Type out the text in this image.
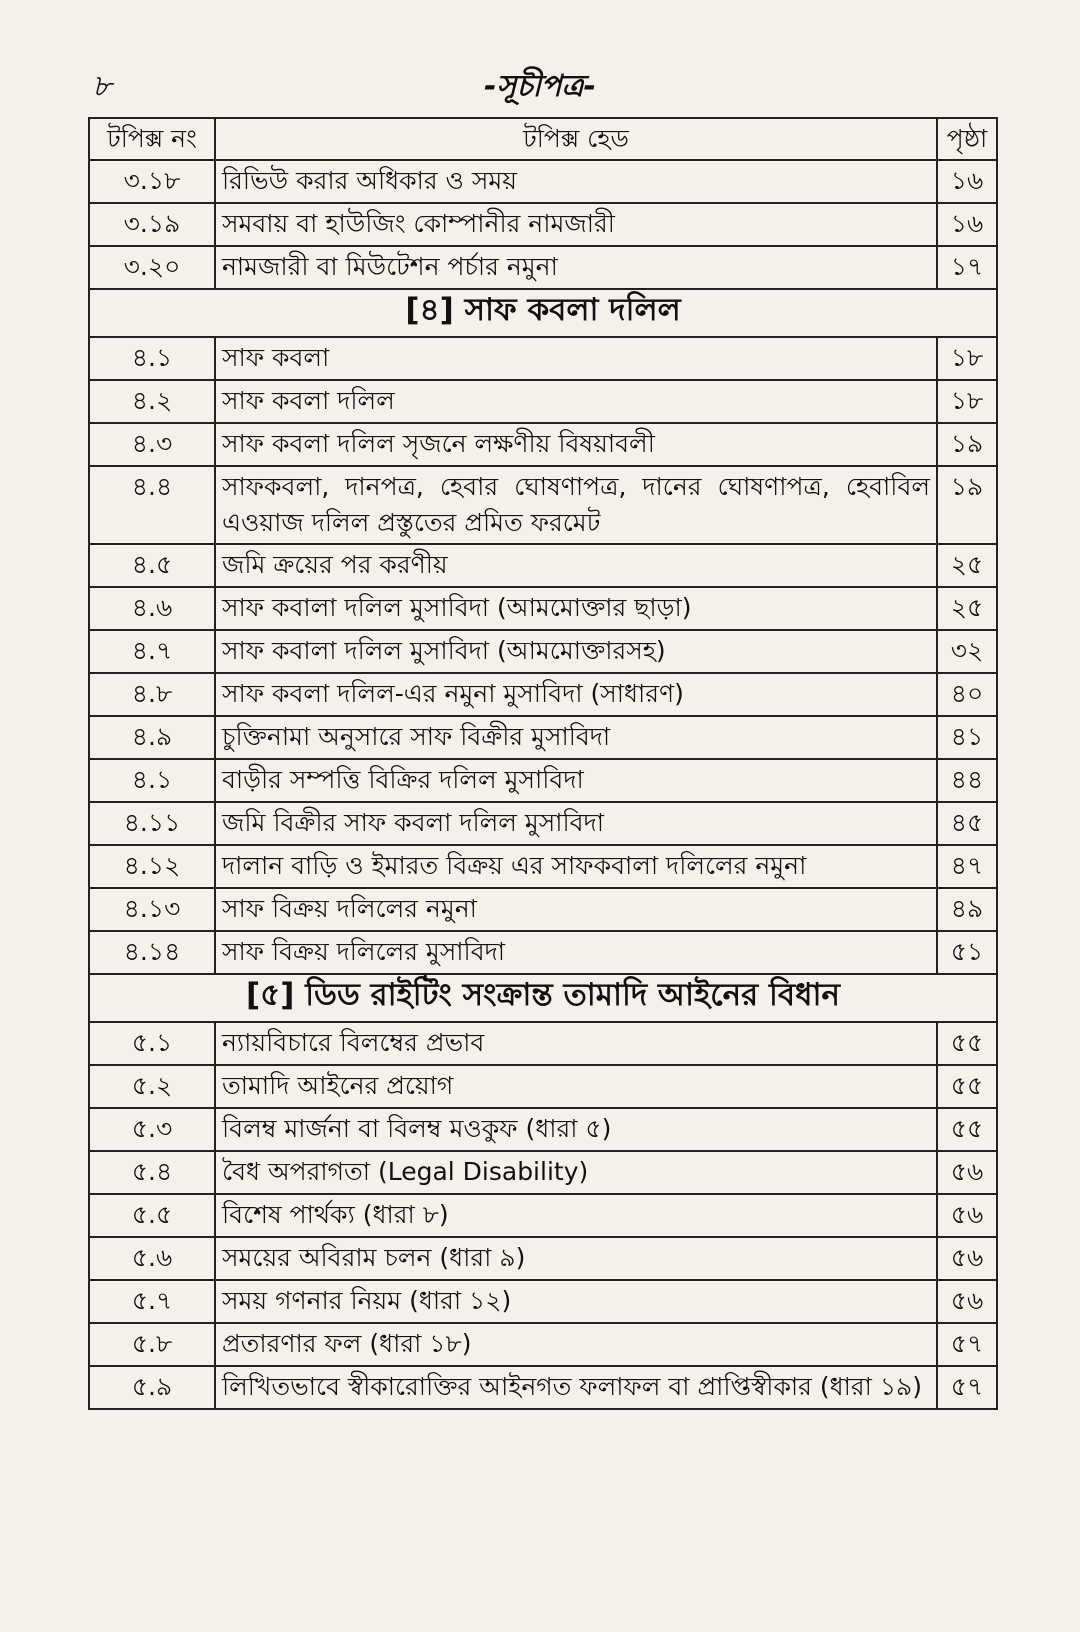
৮	-সূচীপত্র-
টপিক্স নং	টপিক্স হেড	পৃষ্ঠা
৩.১৮	রিভিউ করার অধিকার ও সময়	১৬
৩.১৯	সমবায় বা হাউজিং কোম্পানীর নামজারী	১৬
৩.২০	নামজারী বা মিউটেশন পর্চার নমুনা	১৭
[৪] সাফ কবলা দলিল		
৪.১	সাফ কবলা	১৮
৪.২	সাফ কবলা দলিল	১৮
৪.৩	সাফ কবলা দলিল সৃজনে লক্ষণীয় বিষয়াবলী	১৯
৪.৪	সাফকবলা, দানপত্র, হেবার ঘোষণাপত্র, দানের ঘোষণাপত্র, হেবাবিল এওয়াজ দলিল প্রস্তুতের প্রমিত ফরমেট	১৯
৪.৫	জমি ক্রয়ের পর করণীয়	২৫
৪.৬	সাফ কবালা দলিল মুসাবিদা (আমমোক্তার ছাড়া)	২৫
৪.৭	সাফ কবালা দলিল মুসাবিদা (আমমোক্তারসহ)	৩২
৪.৮	সাফ কবলা দলিল-এর নমুনা মুসাবিদা (সাধারণ)	৪০
৪.৯	চুক্তিনামা অনুসারে সাফ বিক্রীর মুসাবিদা	৪১
৪.১	বাড়ীর সম্পত্তি বিক্রির দলিল মুসাবিদা	৪৪
৪.১১	জমি বিক্রীর সাফ কবলা দলিল মুসাবিদা	৪৫
৪.১২	দালান বাড়ি ও ইমারত বিক্রয় এর সাফকবালা দলিলের নমুনা	৪৭
৪.১৩	সাফ বিক্রয় দলিলের নমুনা	৪৯
৪.১৪	সাফ বিক্রয় দলিলের মুসাবিদা	৫১
[৫] ডিড রাইটিং সংক্রান্ত তামাদি আইনের বিধান		
৫.১	ন্যায়বিচারে বিলম্বের প্রভাব	৫৫
৫.২	তামাদি আইনের প্রয়োগ	৫৫
৫.৩	বিলম্ব মার্জনা বা বিলম্ব মওকুফ (ধারা ৫)	৫৫
৫.৪	বৈধ অপরাগতা (Legal Disability)	৫৬
৫.৫	বিশেষ পার্থক্য (ধারা ৮)	৫৬
৫.৬	সময়ের অবিরাম চলন (ধারা ৯)	৫৬
৫.৭	সময় গণনার নিয়ম (ধারা ১২)	৫৬
৫.৮	প্রতারণার ফল (ধারা ১৮)	৫৭
৫.৯	লিখিতভাবে স্বীকারোক্তির আইনগত ফলাফল বা প্রাপ্তিস্বীকার (ধারা ১৯)	৫৭
